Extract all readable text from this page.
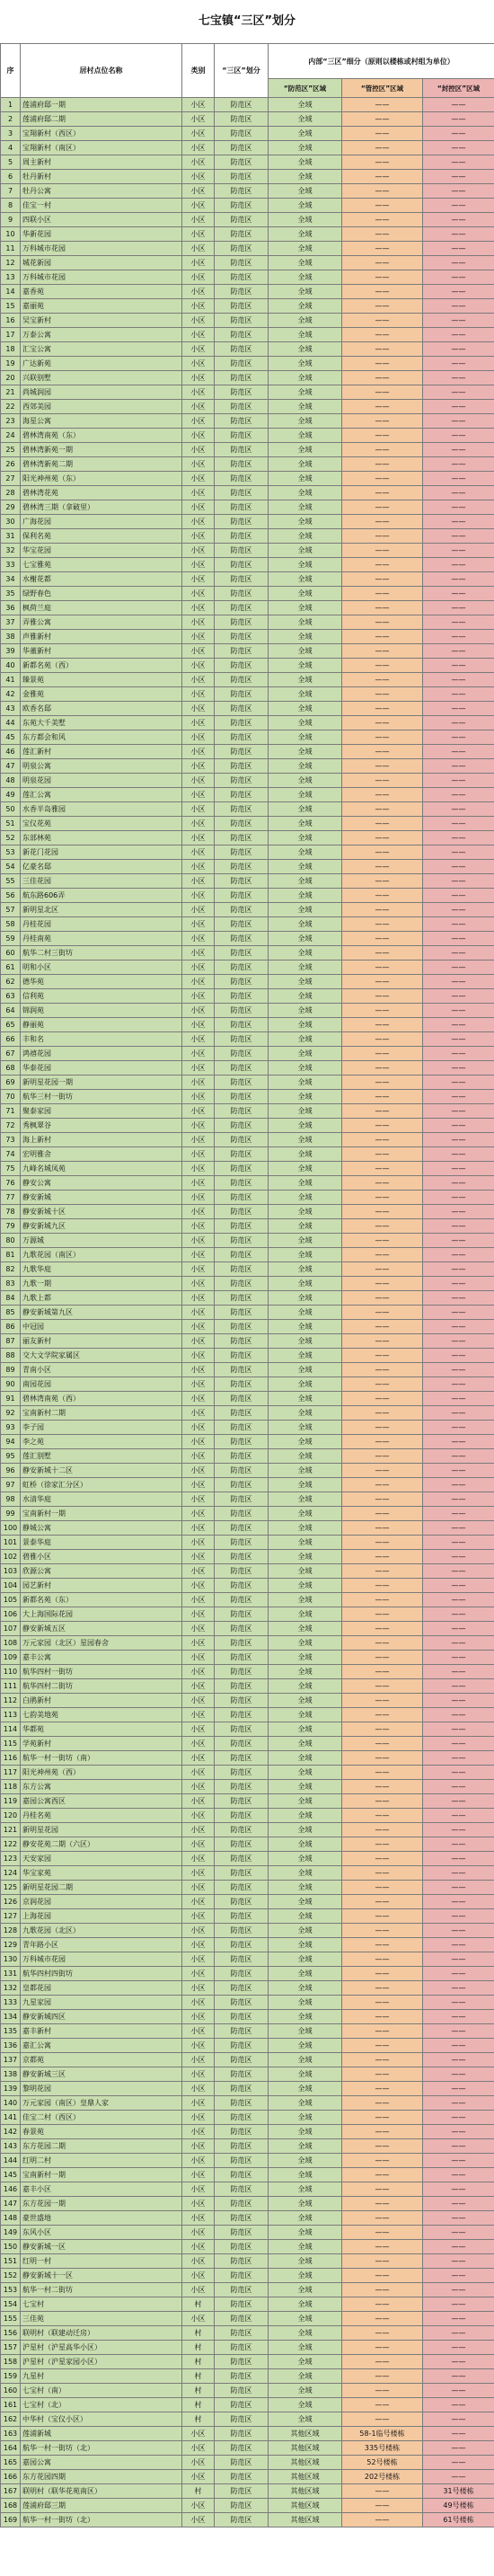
七宝镇“三区”划分
序	居村点位名称	类别	“三区”划分	内部“三区”细分（原则以楼栋或村组为单位）		
				“防范区”区域	“管控区”区域	“封控区”区域
1	莲浦府邸一期	小区	防范区	全域	——	——
2	莲浦府邸二期	小区	防范区	全域	——	——
3	宝翔新村（西区）	小区	防范区	全域	——	——
4	宝翔新村（南区）	小区	防范区	全域	——	——
5	周主新村	小区	防范区	全域	——	——
6	牡丹新村	小区	防范区	全域	——	——
7	牡丹公寓	小区	防范区	全域	——	——
8	佳宝一村	小区	防范区	全域	——	——
9	四联小区	小区	防范区	全域	——	——
10	华新花园	小区	防范区	全域	——	——
11	万科城市花园	小区	防范区	全域	——	——
12	城花新园	小区	防范区	全域	——	——
13	万科城市花园	小区	防范区	全域	——	——
14	嘉香苑	小区	防范区	全域	——	——
15	嘉丽苑	小区	防范区	全域	——	——
16	吴宝新村	小区	防范区	全域	——	——
17	万泰公寓	小区	防范区	全域	——	——
18	汇宝公寓	小区	防范区	全域	——	——
19	广达新苑	小区	防范区	全域	——	——
20	兴联别墅	小区	防范区	全域	——	——
21	尚城润园	小区	防范区	全域	——	——
22	西郊美园	小区	防范区	全域	——	——
23	海星公寓	小区	防范区	全域	——	——
24	碧林湾南苑（东）	小区	防范区	全域	——	——
25	碧林湾新苑一期	小区	防范区	全域	——	——
26	碧林湾新苑二期	小区	防范区	全域	——	——
27	阳光神州苑（东）	小区	防范区	全域	——	——
28	碧林湾花苑	小区	防范区	全域	——	——
29	碧林湾三期（拿破里）	小区	防范区	全域	——	——
30	广海花园	小区	防范区	全域	——	——
31	保利名苑	小区	防范区	全域	——	——
32	华宝花园	小区	防范区	全域	——	——
33	七宝雅苑	小区	防范区	全域	——	——
34	水榭花都	小区	防范区	全域	——	——
35	绿野春色	小区	防范区	全域	——	——
36	枫荷兰庭	小区	防范区	全域	——	——
37	弄雅公寓	小区	防范区	全域	——	——
38	声雅新村	小区	防范区	全域	——	——
39	华董新村	小区	防范区	全域	——	——
40	新都名苑（西）	小区	防范区	全域	——	——
41	臻景苑	小区	防范区	全域	——	——
42	金雅苑	小区	防范区	全域	——	——
43	欧香名邸	小区	防范区	全域	——	——
44	东苑大千美墅	小区	防范区	全域	——	——
45	东方都会和风	小区	防范区	全域	——	——
46	莲汇新村	小区	防范区	全域	——	——
47	明泉公寓	小区	防范区	全域	——	——
48	明泉花园	小区	防范区	全域	——	——
49	莲汇公寓	小区	防范区	全域	——	——
50	水香半岛雅园	小区	防范区	全域	——	——
51	宝仪花苑	小区	防范区	全域	——	——
52	东部林苑	小区	防范区	全域	——	——
53	新花门花园	小区	防范区	全域	——	——
54	亿豪名邸	小区	防范区	全域	——	——
55	三佳花园	小区	防范区	全域	——	——
56	航东路606弄	小区	防范区	全域	——	——
57	新明星北区	小区	防范区	全域	——	——
58	丹桂花园	小区	防范区	全域	——	——
59	丹桂南苑	小区	防范区	全域	——	——
60	航华二村三街坊	小区	防范区	全域	——	——
61	明和小区	小区	防范区	全域	——	——
62	德华苑	小区	防范区	全域	——	——
63	信利苑	小区	防范区	全域	——	——
64	锦润苑	小区	防范区	全域	——	——
65	静丽苑	小区	防范区	全域	——	——
66	丰和名	小区	防范区	全域	——	——
67	鸿禧花园	小区	防范区	全域	——	——
68	华泰花园	小区	防范区	全域	——	——
69	新明星花园一期	小区	防范区	全域	——	——
70	航华三村一街坊	小区	防范区	全域	——	——
71	聚泰家园	小区	防范区	全域	——	——
72	秀枫翠谷	小区	防范区	全域	——	——
73	海上新村	小区	防范区	全域	——	——
74	宏明雅舍	小区	防范区	全域	——	——
75	九峰名城凤苑	小区	防范区	全域	——	——
76	静安公寓	小区	防范区	全域	——	——
77	静安新城	小区	防范区	全域	——	——
78	静安新城十区	小区	防范区	全域	——	——
79	静安新城九区	小区	防范区	全域	——	——
80	万源城	小区	防范区	全域	——	——
81	九歌花园（南区）	小区	防范区	全域	——	——
82	九歌华庭	小区	防范区	全域	——	——
83	九歌一期	小区	防范区	全域	——	——
84	九歌上都	小区	防范区	全域	——	——
85	静安新城第九区	小区	防范区	全域	——	——
86	中冠园	小区	防范区	全域	——	——
87	丽友新村	小区	防范区	全域	——	——
88	交大文学院家属区	小区	防范区	全域	——	——
89	青南小区	小区	防范区	全域	——	——
90	南园花园	小区	防范区	全域	——	——
91	碧林湾南苑（西）	小区	防范区	全域	——	——
92	宝南新村二期	小区	防范区	全域	——	——
93	李子园	小区	防范区	全域	——	——
94	李之苑	小区	防范区	全域	——	——
95	莲汇别墅	小区	防范区	全域	——	——
96	静安新城十二区	小区	防范区	全域	——	——
97	虹桥（徐家汇分区）	小区	防范区	全域	——	——
98	水清华庭	小区	防范区	全域	——	——
99	宝南新村一期	小区	防范区	全域	——	——
100	静城公寓	小区	防范区	全域	——	——
101	景泰华庭	小区	防范区	全域	——	——
102	碧雅小区	小区	防范区	全域	——	——
103	欣源公寓	小区	防范区	全域	——	——
104	园艺新村	小区	防范区	全域	——	——
105	新都名苑（东）	小区	防范区	全域	——	——
106	大上海国际花园	小区	防范区	全域	——	——
107	静安新城五区	小区	防范区	全域	——	——
108	万元家园（北区）星园春舍	小区	防范区	全域	——	——
109	嘉丰公寓	小区	防范区	全域	——	——
110	航华四村一街坊	小区	防范区	全域	——	——
111	航华四村二街坊	小区	防范区	全域	——	——
112	白鹃新村	小区	防范区	全域	——	——
113	七韵美地苑	小区	防范区	全域	——	——
114	华都苑	小区	防范区	全域	——	——
115	学苑新村	小区	防范区	全域	——	——
116	航华一村一街坊（南）	小区	防范区	全域	——	——
117	阳光神州苑（西）	小区	防范区	全域	——	——
118	东方公寓	小区	防范区	全域	——	——
119	嘉园公寓西区	小区	防范区	全域	——	——
120	丹桂名苑	小区	防范区	全域	——	——
121	新明星花园	小区	防范区	全域	——	——
122	静安花苑二期（六区）	小区	防范区	全域	——	——
123	天安家园	小区	防范区	全域	——	——
124	华宝家苑	小区	防范区	全域	——	——
125	新明星花园二期	小区	防范区	全域	——	——
126	京润花园	小区	防范区	全域	——	——
127	上海花园	小区	防范区	全域	——	——
128	九歌花园（北区）	小区	防范区	全域	——	——
129	青年路小区	小区	防范区	全域	——	——
130	万科城市花园	小区	防范区	全域	——	——
131	航华四村四街坊	小区	防范区	全域	——	——
132	皇都花园	小区	防范区	全域	——	——
133	九星家园	小区	防范区	全域	——	——
134	静安新城四区	小区	防范区	全域	——	——
135	嘉丰新村	小区	防范区	全域	——	——
136	嘉汇公寓	小区	防范区	全域	——	——
137	京都苑	小区	防范区	全域	——	——
138	静安新城三区	小区	防范区	全域	——	——
139	黎明花园	小区	防范区	全域	——	——
140	万元家园（南区）皇鼎人家	小区	防范区	全域	——	——
141	佳宝二村（西区）	小区	防范区	全域	——	——
142	春景苑	小区	防范区	全域	——	——
143	东方花园二期	小区	防范区	全域	——	——
144	红明二村	小区	防范区	全域	——	——
145	宝南新村一期	小区	防范区	全域	——	——
146	嘉丰小区	小区	防范区	全域	——	——
147	东方花园一期	小区	防范区	全域	——	——
148	豪世盛地	小区	防范区	全域	——	——
149	东风小区	小区	防范区	全域	——	——
150	静安新城一区	小区	防范区	全域	——	——
151	红明一村	小区	防范区	全域	——	——
152	静安新城十一区	小区	防范区	全域	——	——
153	航华一村二街坊	小区	防范区	全域	——	——
154	七宝村	村	防范区	全域	——	——
155	三佳苑	小区	防范区	全域	——	——
156	联明村（联建动迁房）	村	防范区	全域	——	——
157	沪星村（沪星高华小区）	村	防范区	全域	——	——
158	沪星村（沪星家园小区）	村	防范区	全域	——	——
159	九星村	村	防范区	全域	——	——
160	七宝村（南）	村	防范区	全域	——	——
161	七宝村（北）	村	防范区	全域	——	——
162	中华村（宝仪小区）	村	防范区	全域	——	——
163	莲浦新城	小区	防范区	其他区域	58-1临号楼栋	——
164	航华一村一街坊（北）	小区	防范区	其他区域	335号楼栋	——
165	嘉园公寓	小区	防范区	其他区域	52号楼栋	——
166	东方花园四期	小区	防范区	其他区域	202号楼栋	——
167	联明村（联华花苑南区）	村	防范区	其他区域	——	31号楼栋
168	莲浦府邸三期	小区	防范区	其他区域	——	49号楼栋
169	航华一村一街坊（北）	小区	防范区	其他区域	——	61号楼栋
